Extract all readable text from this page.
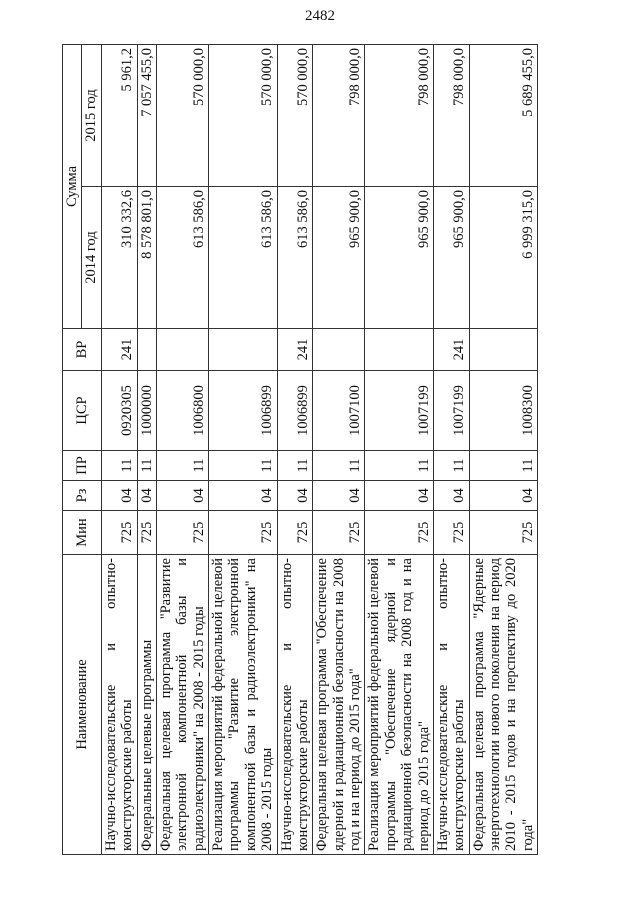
2482
Наименование	Мин	Рз	ПР	ЦСР	ВР	Сумма	
						2014 год	2015 год
Научно-исследовательские и опытно-конструкторские работы	725	04	11	0920305	241	310 332,6	5 961,2
Федеральные целевые программы	725	04	11	1000000		8 578 801,0	7 057 455,0
Федеральная целевая программа "Развитие электронной компонентной базы и радиоэлектроники" на 2008 - 2015 годы	725	04	11	1006800		613 586,0	570 000,0
Реализация мероприятий федеральной целевой программы "Развитие электронной компонентной базы и радиоэлектроники" на 2008 - 2015 годы	725	04	11	1006899		613 586,0	570 000,0
Научно-исследовательские и опытно-конструкторские работы	725	04	11	1006899	241	613 586,0	570 000,0
Федеральная целевая программа "Обеспечение ядерной и радиационной безопасности на 2008 год и на период до 2015 года"	725	04	11	1007100		965 900,0	798 000,0
Реализация мероприятий федеральной целевой программы "Обеспечение ядерной и радиационной безопасности на 2008 год и на период до 2015 года"	725	04	11	1007199		965 900,0	798 000,0
Научно-исследовательские и опытно-конструкторские работы	725	04	11	1007199	241	965 900,0	798 000,0
Федеральная целевая программа "Ядерные энерготехнологии нового поколения на период 2010 - 2015 годов и на перспективу до 2020 года"	725	04	11	1008300		6 999 315,0	5 689 455,0
